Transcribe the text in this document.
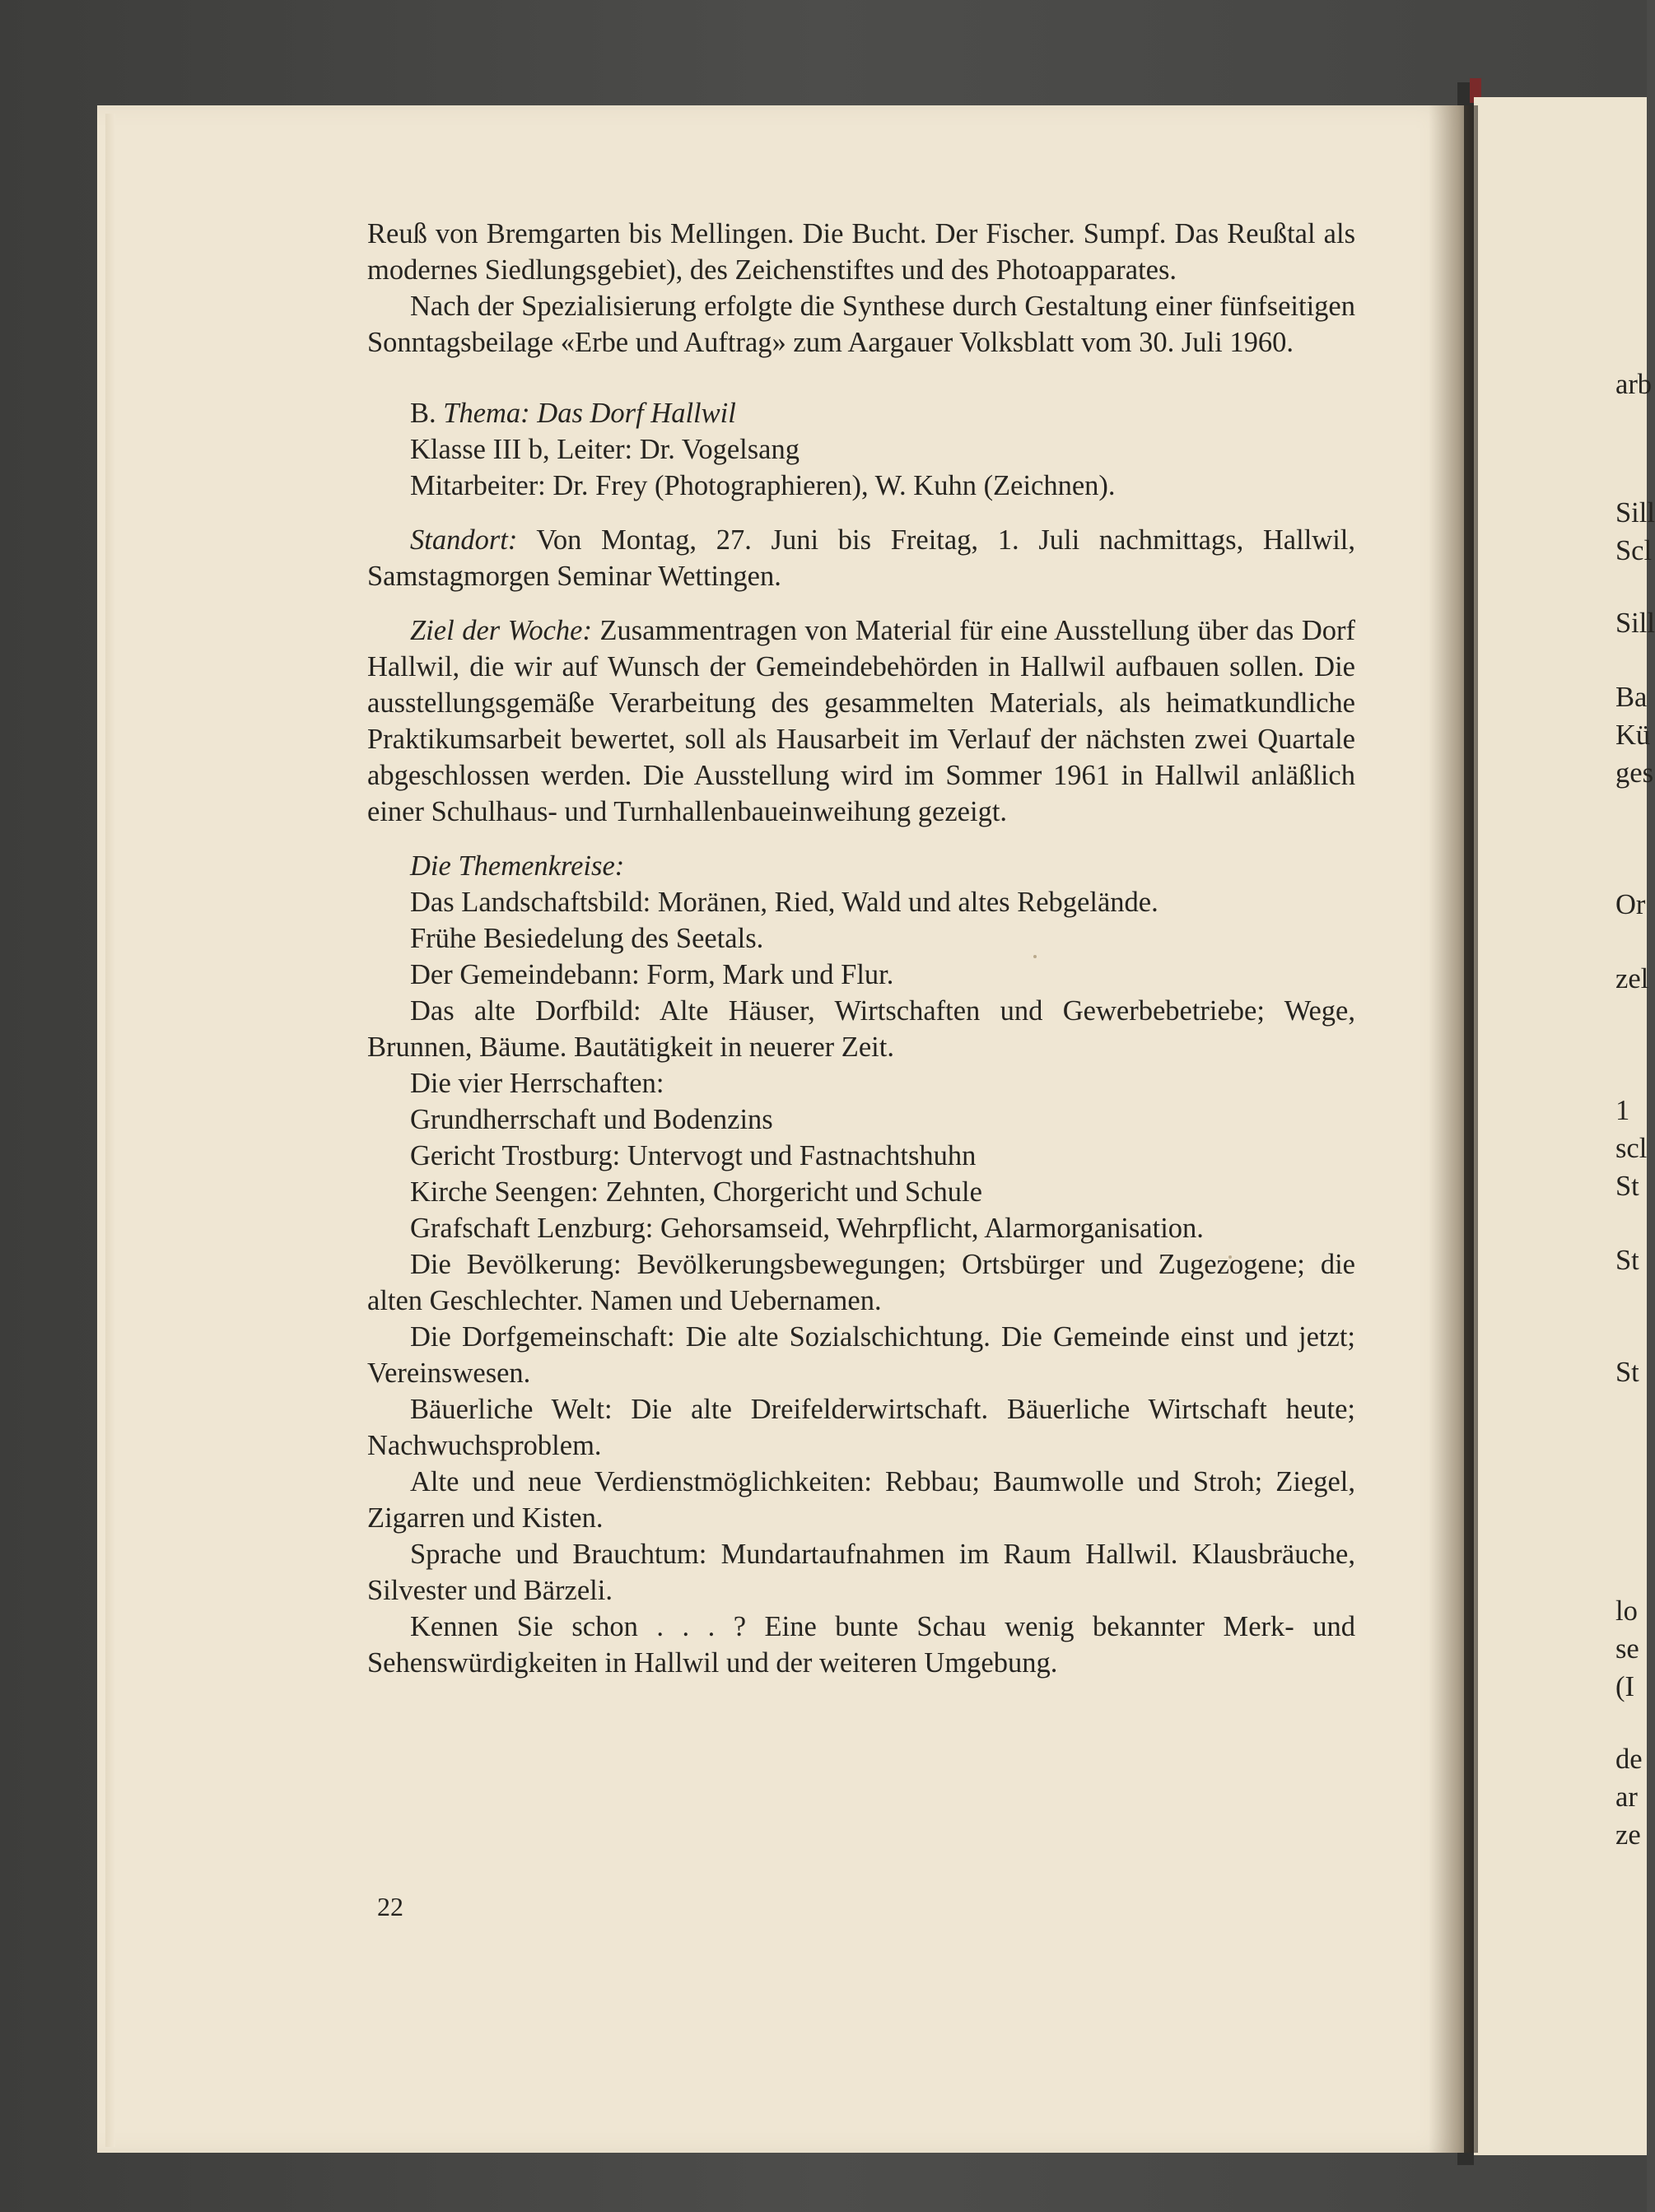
Reuß von Bremgarten bis Mellingen. Die Bucht. Der Fischer. Sumpf. Das Reußtal als modernes Siedlungsgebiet), des Zeichenstiftes und des Photoapparates.

Nach der Spezialisierung erfolgte die Synthese durch Gestaltung einer fünfseitigen Sonntagsbeilage «Erbe und Auftrag» zum Aargauer Volksblatt vom 30. Juli 1960.

B. Thema: Das Dorf Hallwil

Klasse III b, Leiter: Dr. Vogelsang

Mitarbeiter: Dr. Frey (Photographieren), W. Kuhn (Zeichnen).

Standort: Von Montag, 27. Juni bis Freitag, 1. Juli nachmittags, Hallwil, Samstagmorgen Seminar Wettingen.

Ziel der Woche: Zusammentragen von Material für eine Ausstellung über das Dorf Hallwil, die wir auf Wunsch der Gemeindebehörden in Hallwil aufbauen sollen. Die ausstellungsgemäße Verarbeitung des gesammelten Materials, als heimatkundliche Praktikumsarbeit bewertet, soll als Hausarbeit im Verlauf der nächsten zwei Quartale abgeschlossen werden. Die Ausstellung wird im Sommer 1961 in Hallwil anläßlich einer Schulhaus- und Turnhallenbaueinweihung gezeigt.

Die Themenkreise:

Das Landschaftsbild: Moränen, Ried, Wald und altes Rebgelände.

Frühe Besiedelung des Seetals.

Der Gemeindebann: Form, Mark und Flur.

Das alte Dorfbild: Alte Häuser, Wirtschaften und Gewerbebetriebe; Wege, Brunnen, Bäume. Bautätigkeit in neuerer Zeit.

Die vier Herrschaften:

Grundherrschaft und Bodenzins

Gericht Trostburg: Untervogt und Fastnachtshuhn

Kirche Seengen: Zehnten, Chorgericht und Schule

Grafschaft Lenzburg: Gehorsamseid, Wehrpflicht, Alarmorganisation.

Die Bevölkerung: Bevölkerungsbewegungen; Ortsbürger und Zugezogene; die alten Geschlechter. Namen und Uebernamen.

Die Dorfgemeinschaft: Die alte Sozialschichtung. Die Gemeinde einst und jetzt; Vereinswesen.

Bäuerliche Welt: Die alte Dreifelderwirtschaft. Bäuerliche Wirtschaft heute; Nachwuchsproblem.

Alte und neue Verdienstmöglichkeiten: Rebbau; Baumwolle und Stroh; Ziegel, Zigarren und Kisten.

Sprache und Brauchtum: Mundartaufnahmen im Raum Hallwil. Klausbräuche, Silvester und Bärzeli.

Kennen Sie schon . . . ? Eine bunte Schau wenig bekannter Merk- und Sehenswürdigkeiten in Hallwil und der weiteren Umgebung.

22
arb
Sill
Scl
Sill
Ba
Kü
ges
Or
zel
1
scl
St
St
St
lo
se
(I
de
ar
ze
